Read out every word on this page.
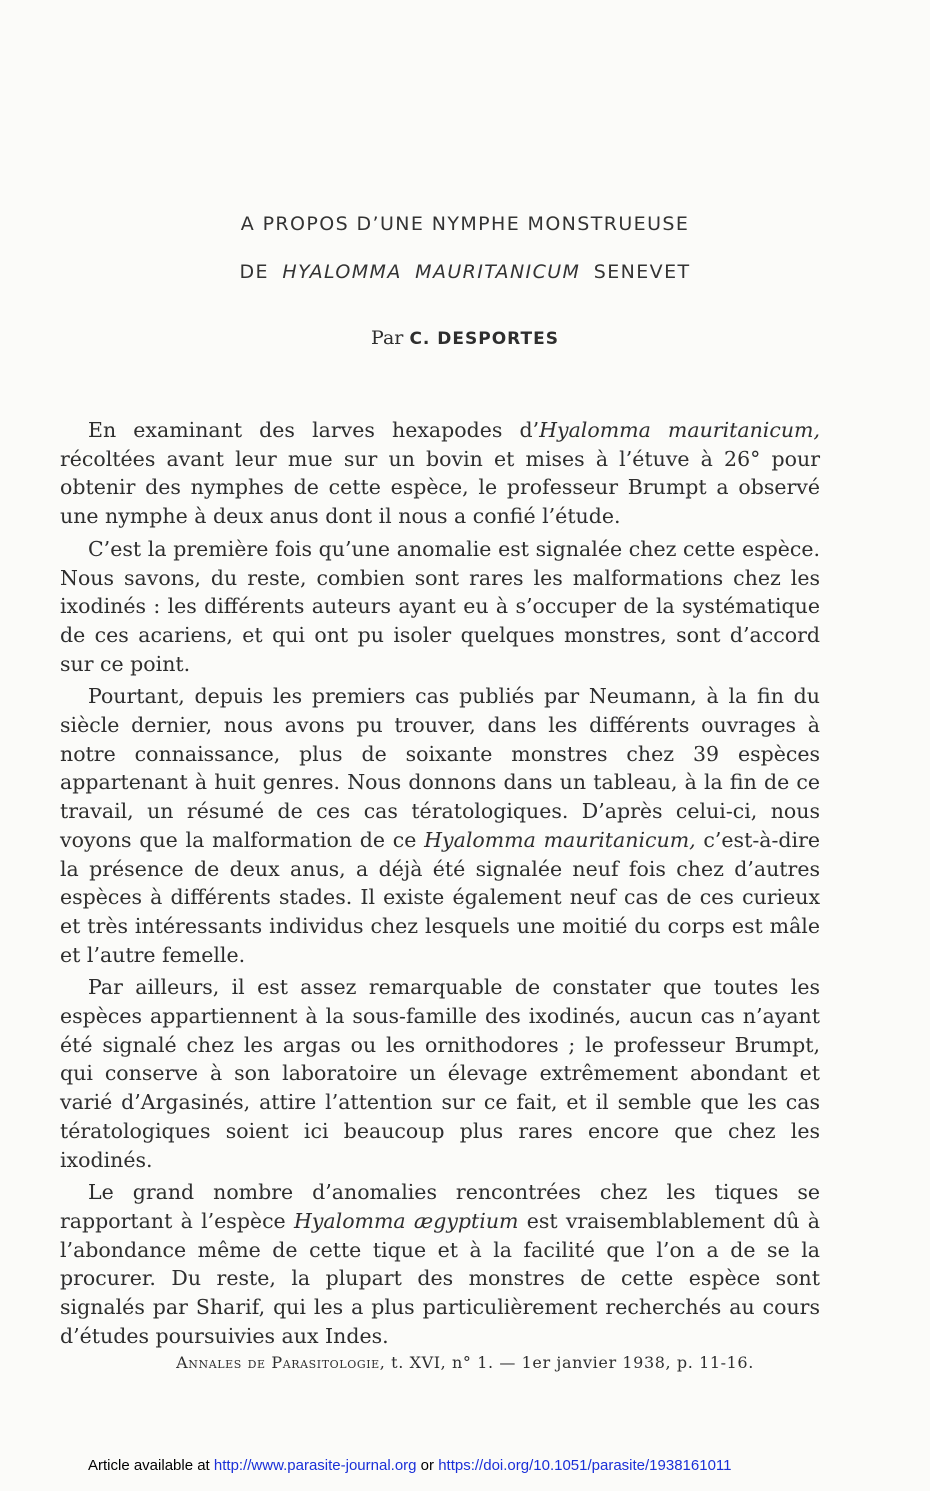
A PROPOS D’UNE NYMPHE MONSTRUEUSE
DE HYALOMMA MAURITANICUM SENEVET
Par C. DESPORTES

En examinant des larves hexapodes d’Hyalomma mauritanicum, récoltées avant leur mue sur un bovin et mises à l’étuve à 26° pour obtenir des nymphes de cette espèce, le professeur Brumpt a observé une nymphe à deux anus dont il nous a confié l’étude.

C’est la première fois qu’une anomalie est signalée chez cette espèce. Nous savons, du reste, combien sont rares les malformations chez les ixodinés : les différents auteurs ayant eu à s’occuper de la systématique de ces acariens, et qui ont pu isoler quelques monstres, sont d’accord sur ce point.

Pourtant, depuis les premiers cas publiés par Neumann, à la fin du siècle dernier, nous avons pu trouver, dans les différents ouvrages à notre connaissance, plus de soixante monstres chez 39 espèces appartenant à huit genres. Nous donnons dans un tableau, à la fin de ce travail, un résumé de ces cas tératologiques. D’après celui-ci, nous voyons que la malformation de ce Hyalomma mauritanicum, c’est-à-dire la présence de deux anus, a déjà été signalée neuf fois chez d’autres espèces à différents stades. Il existe également neuf cas de ces curieux et très intéressants individus chez lesquels une moitié du corps est mâle et l’autre femelle.

Par ailleurs, il est assez remarquable de constater que toutes les espèces appartiennent à la sous-famille des ixodinés, aucun cas n’ayant été signalé chez les argas ou les ornithodores ; le professeur Brumpt, qui conserve à son laboratoire un élevage extrêmement abondant et varié d’Argasinés, attire l’attention sur ce fait, et il semble que les cas tératologiques soient ici beaucoup plus rares encore que chez les ixodinés.

Le grand nombre d’anomalies rencontrées chez les tiques se rapportant à l’espèce Hyalomma ægyptium est vraisemblablement dû à l’abondance même de cette tique et à la facilité que l’on a de se la procurer. Du reste, la plupart des monstres de cette espèce sont signalés par Sharif, qui les a plus particulièrement recherchés au cours d’études poursuivies aux Indes.

Annales de Parasitologie, t. XVI, n° 1. — 1er janvier 1938, p. 11-16.
Article available at http://www.parasite-journal.org or https://doi.org/10.1051/parasite/1938161011
